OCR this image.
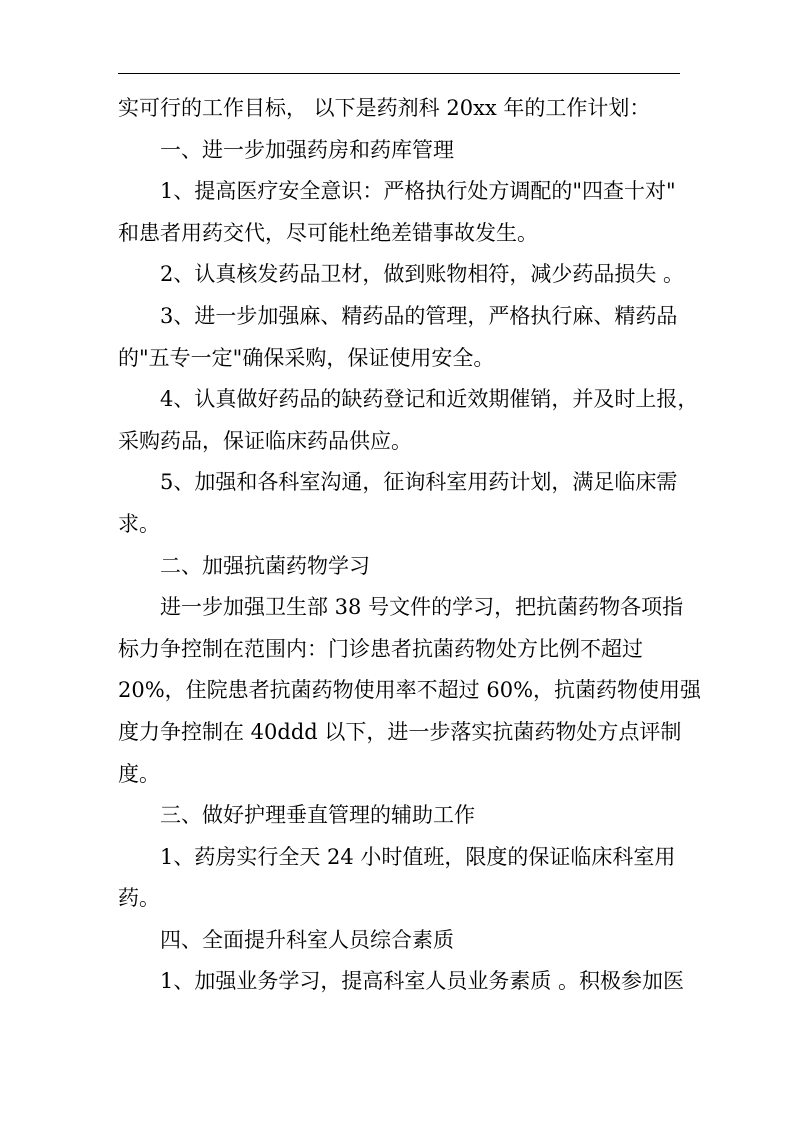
实可行的工作目标， 以下是药剂科 20xx 年的工作计划：
一、进一步加强药房和药库管理
1、提高医疗安全意识：严格执行处方调配的"四查十对"
和患者用药交代，尽可能杜绝差错事故发生。
2、认真核发药品卫材，做到账物相符，减少药品损失 。
3、进一步加强麻、精药品的管理，严格执行麻、精药品
的"五专一定"确保采购，保证使用安全。
4、认真做好药品的缺药登记和近效期催销，并及时上报，
采购药品，保证临床药品供应。
5、加强和各科室沟通，征询科室用药计划，满足临床需
求。
二、加强抗菌药物学习
进一步加强卫生部 38 号文件的学习，把抗菌药物各项指
标力争控制在范围内：门诊患者抗菌药物处方比例不超过
20%，住院患者抗菌药物使用率不超过 60%，抗菌药物使用强
度力争控制在 40ddd 以下，进一步落实抗菌药物处方点评制
度。
三、做好护理垂直管理的辅助工作
1、药房实行全天 24 小时值班，限度的保证临床科室用
药。
四、全面提升科室人员综合素质
1、加强业务学习，提高科室人员业务素质 。积极参加医
